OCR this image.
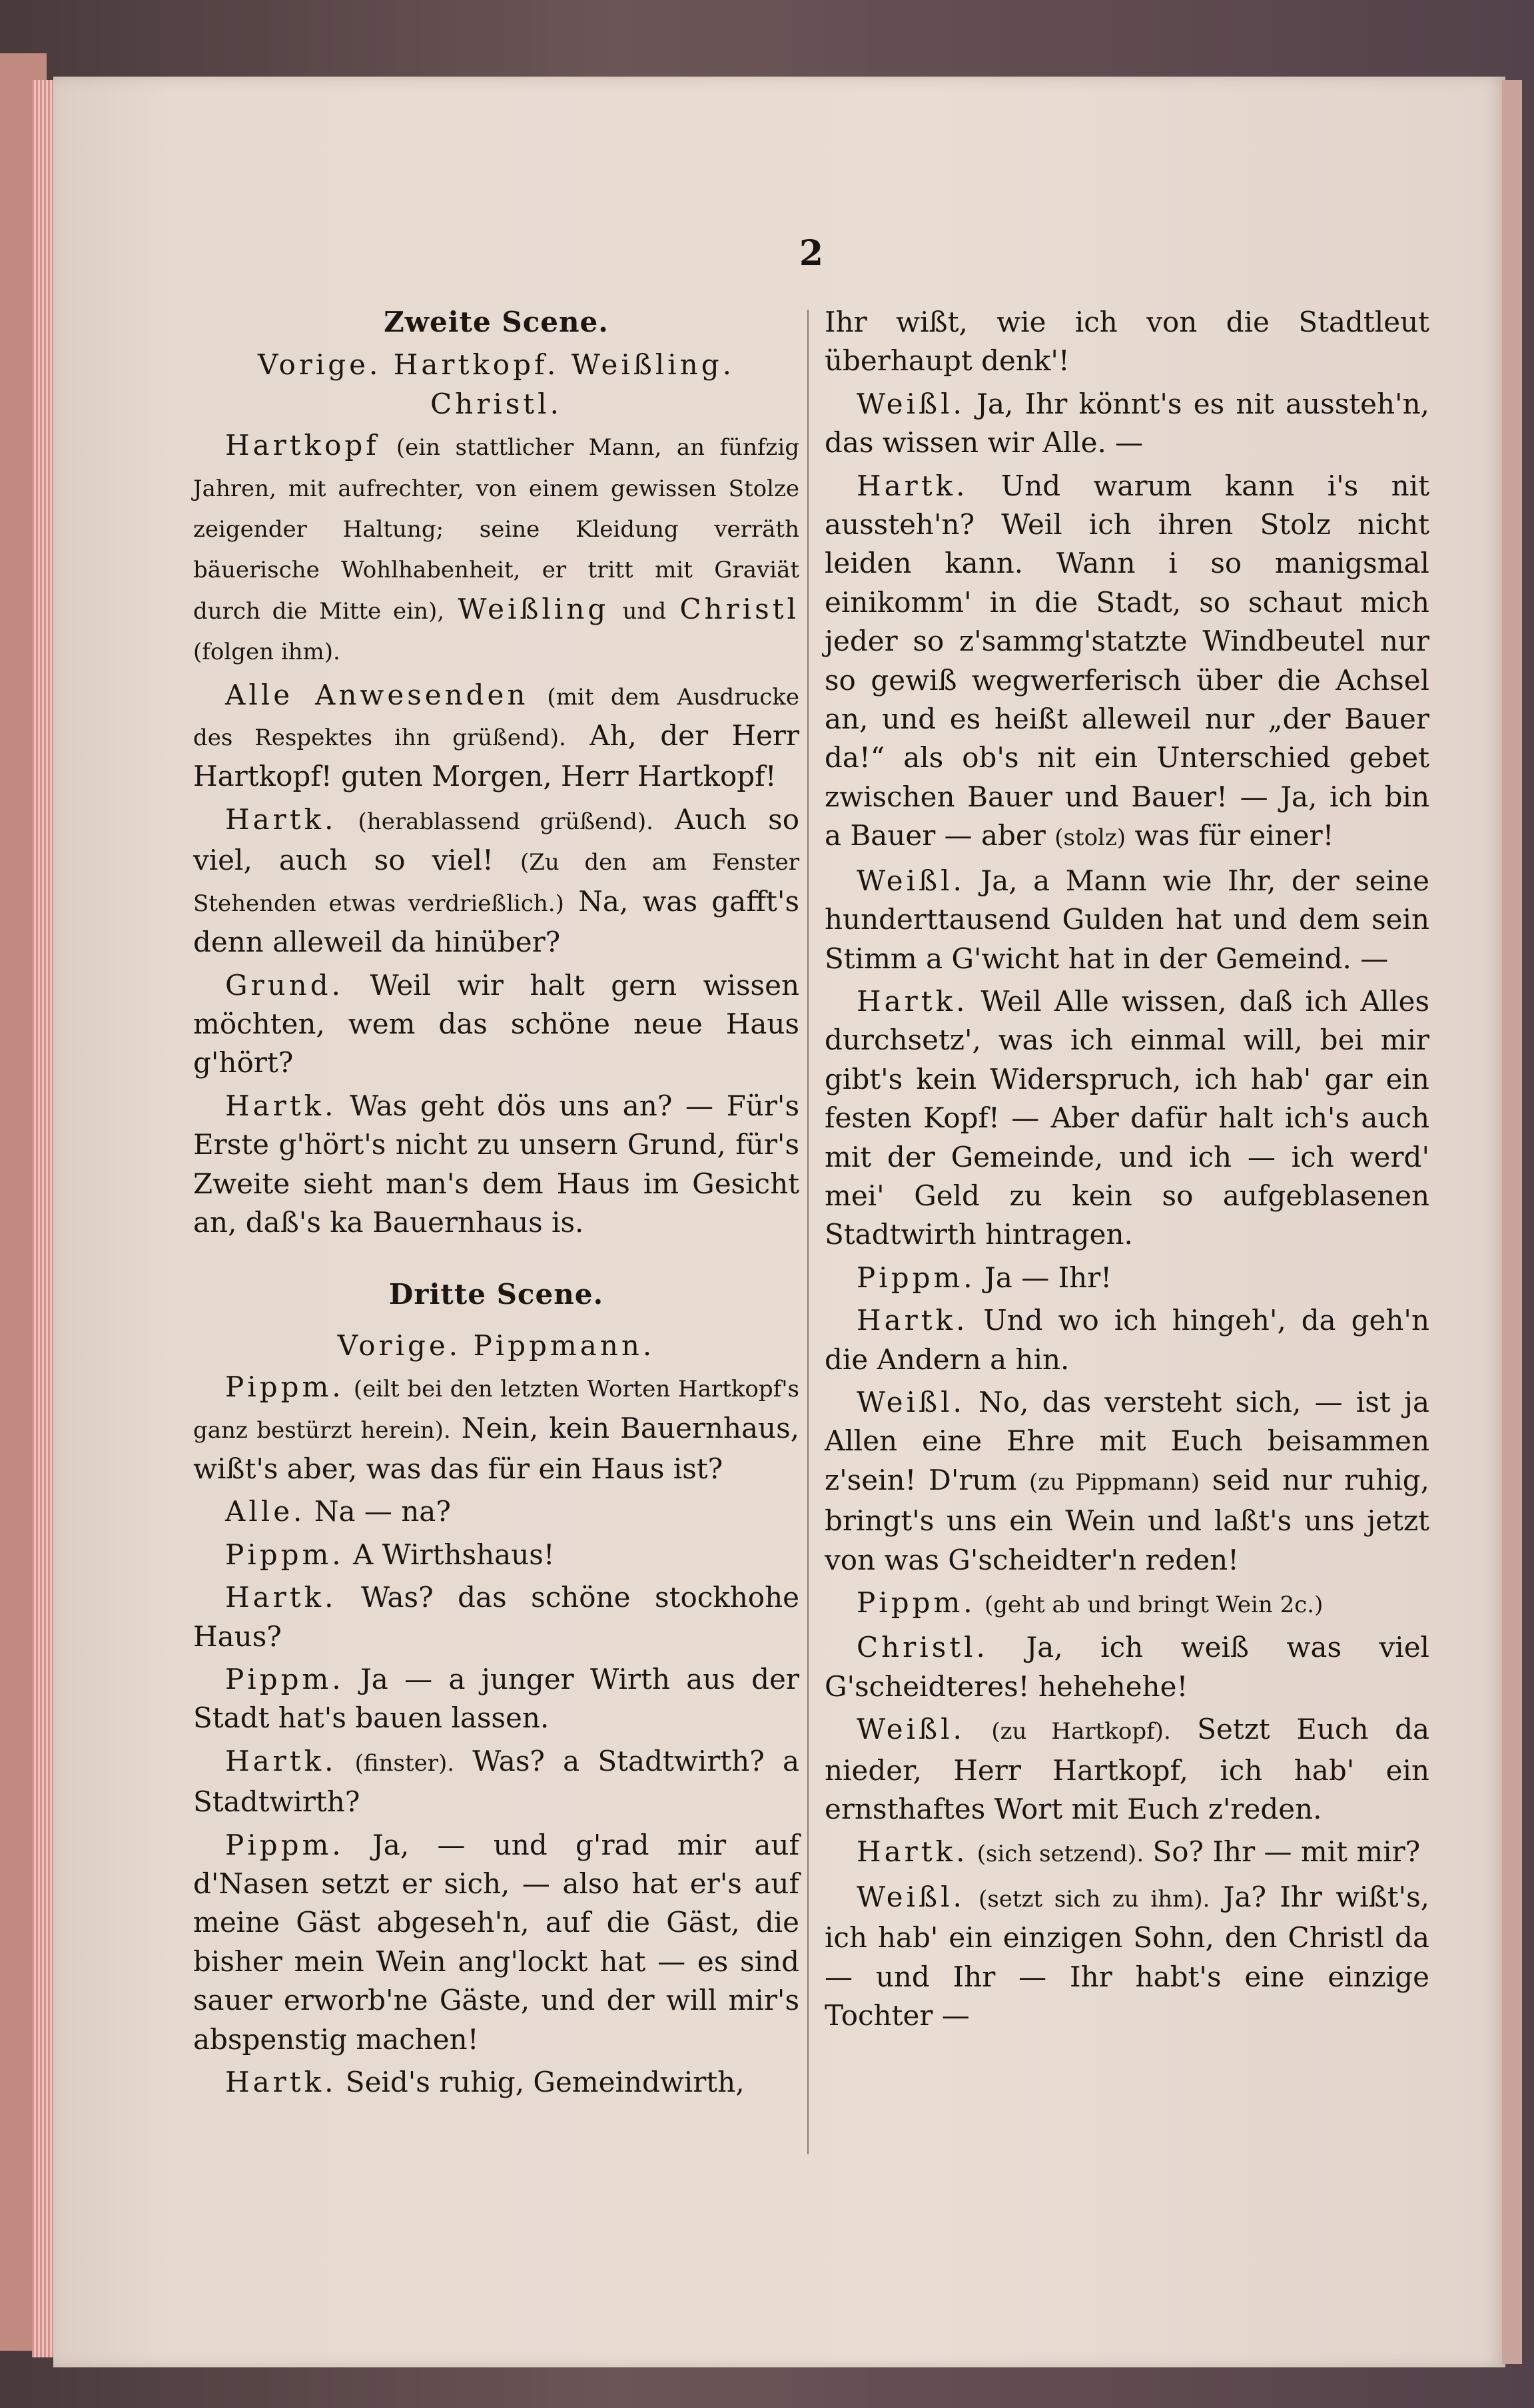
2
Zweite Scene.
Vorige. Hartkopf. Weißling. Christl.

Hartkopf (ein stattlicher Mann, an fünfzig Jahren, mit aufrechter, von einem gewissen Stolze zeigender Haltung; seine Kleidung verräth bäuerische Wohlhabenheit, er tritt mit Graviät durch die Mitte ein), Weißling und Christl (folgen ihm).

Alle Anwesenden (mit dem Ausdrucke des Respektes ihn grüßend). Ah, der Herr Hartkopf! guten Morgen, Herr Hartkopf!

Hartk. (herablassend grüßend). Auch so viel, auch so viel! (Zu den am Fenster Stehenden etwas verdrießlich.) Na, was gafft's denn alleweil da hinüber?

Grund. Weil wir halt gern wissen möchten, wem das schöne neue Haus g'hört?

Hartk. Was geht dös uns an? — Für's Erste g'hört's nicht zu unsern Grund, für's Zweite sieht man's dem Haus im Gesicht an, daß's ka Bauernhaus is.

Dritte Scene.
Vorige. Pippmann.

Pippm. (eilt bei den letzten Worten Hartkopf's ganz bestürzt herein). Nein, kein Bauernhaus, wißt's aber, was das für ein Haus ist?

Alle. Na — na?

Pippm. A Wirthshaus!

Hartk. Was? das schöne stockhohe Haus?

Pippm. Ja — a junger Wirth aus der Stadt hat's bauen lassen.

Hartk. (finster). Was? a Stadtwirth? a Stadtwirth?

Pippm. Ja, — und g'rad mir auf d'Nasen setzt er sich, — also hat er's auf meine Gäst abgeseh'n, auf die Gäst, die bisher mein Wein ang'lockt hat — es sind sauer erworb'ne Gäste, und der will mir's abspenstig machen!

Hartk. Seid's ruhig, Gemeindwirth,

Ihr wißt, wie ich von die Stadtleut überhaupt denk'!

Weißl. Ja, Ihr könnt's es nit aussteh'n, das wissen wir Alle. —

Hartk. Und warum kann i's nit aussteh'n? Weil ich ihren Stolz nicht leiden kann. Wann i so manigsmal einikomm' in die Stadt, so schaut mich jeder so z'sammg'statzte Windbeutel nur so gewiß wegwerferisch über die Achsel an, und es heißt alleweil nur „der Bauer da!“ als ob's nit ein Unterschied gebet zwischen Bauer und Bauer! — Ja, ich bin a Bauer — aber (stolz) was für einer!

Weißl. Ja, a Mann wie Ihr, der seine hunderttausend Gulden hat und dem sein Stimm a G'wicht hat in der Gemeind. —

Hartk. Weil Alle wissen, daß ich Alles durchsetz', was ich einmal will, bei mir gibt's kein Widerspruch, ich hab' gar ein festen Kopf! — Aber dafür halt ich's auch mit der Gemeinde, und ich — ich werd' mei' Geld zu kein so aufgeblasenen Stadtwirth hintragen.

Pippm. Ja — Ihr!

Hartk. Und wo ich hingeh', da geh'n die Andern a hin.

Weißl. No, das versteht sich, — ist ja Allen eine Ehre mit Euch beisammen z'sein! D'rum (zu Pippmann) seid nur ruhig, bringt's uns ein Wein und laßt's uns jetzt von was G'scheidter'n reden!

Pippm. (geht ab und bringt Wein 2c.)

Christl. Ja, ich weiß was viel G'scheidteres! hehehehe!

Weißl. (zu Hartkopf). Setzt Euch da nieder, Herr Hartkopf, ich hab' ein ernsthaftes Wort mit Euch z'reden.

Hartk. (sich setzend). So? Ihr — mit mir?

Weißl. (setzt sich zu ihm). Ja? Ihr wißt's, ich hab' ein einzigen Sohn, den Christl da — und Ihr — Ihr habt's eine einzige Tochter —
